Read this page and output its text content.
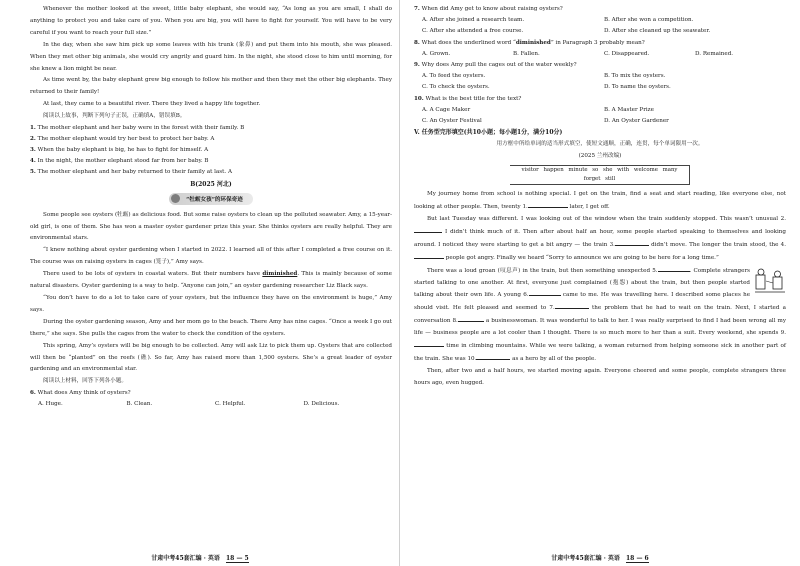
Whenever the mother looked at the sweet, little baby elephant, she would say, “As long as you are small, I shall do anything to protect you and take care of you. When you are big, you will have to fight for yourself. You will have to be very careful if you want to reach your full size.”

In the day, when she saw him pick up some leaves with his trunk (象鼻) and put them into his mouth, she was pleased. When they met other big animals, she would cry angrily and guard him. In the night, she stood close to him until morning, for she knew a lion might be near.

As time went by, the baby elephant grew big enough to follow his mother and then they met the other big elephants. They returned to their family!

At last, they came to a beautiful river. There they lived a happy life together.

阅读以上故事，判断下列句子正误，正确填A，错误填B。

1. The mother elephant and her baby were in the forest with their family. B

2. The mother elephant would try her best to protect her baby. A

3. When the baby elephant is big, he has to fight for himself. A

4. In the night, the mother elephant stood far from her baby. B

5. The mother elephant and her baby returned to their family at last. A

B(2025 河北)

“牡蛎女孩”的环保奇迹

Some people see oysters (牡蛎) as delicious food. But some raise oysters to clean up the polluted seawater. Amy, a 15-year-old girl, is one of them. She has won a master oyster gardener prize this year. She thinks oysters are really helpful. They are environmental stars.

“I knew nothing about oyster gardening when I started in 2022. I learned all of this after I completed a free course on it. The course was on raising oysters in cages (笼子),” Amy says.

There used to be lots of oysters in coastal waters. But their numbers have diminished. This is mainly because of some natural disasters. Oyster gardening is a way to help. “Anyone can join,” an oyster gardening researcher Liz Black says.

“You don’t have to do a lot to take care of your oysters, but the influence they have on the environment is huge,” Amy says.

During the oyster gardening season, Amy and her mom go to the beach. There Amy has nine cages. “Once a week I go out there,” she says. She pulls the cages from the water to check the condition of the oysters.

This spring, Amy’s oysters will be big enough to be collected. Amy will ask Liz to pick them up. Oysters that are collected will then be “planted” on the reefs (礁). So far, Amy has raised more than 1,500 oysters. She’s a great leader of oyster gardening and an environmental star.

阅读以上材料，回答下列各小题。

6. What does Amy think of oysters?

A. Huge.	B. Clean.	C. Helpful.	D. Delicious.
甘肃中考45套汇编 · 英语 18 — 5

7. When did Amy get to know about raising oysters?

A. After she joined a research team.	B. After she won a competition.
C. After she attended a free course.	D. After she cleaned up the seawater.

8. What does the underlined word “diminished” in Paragraph 3 probably mean?

A. Grown.	B. Fallen.	C. Disappeared.	D. Remained.

9. Why does Amy pull the cages out of the water weekly?

A. To feed the oysters.	B. To mix the oysters.
C. To check the oysters.	D. To name the oysters.

10. What is the best title for the text?

A. A Cage Maker	B. A Master Prize
C. An Oyster Festival	D. An Oyster Gardener

V. 任务型完形填空(共10小题；每小题1分，满分10分)

用方框中所给单词的适当形式填空，使短文通顺，正确，连贯，每个单词限用一次。

(2025 兰州改编)

visitor happen minute so she with welcome many forget still

My journey home from school is nothing special. I get on the train, find a seat and start reading, like everyone else, not looking at other people. Then, twenty 1.	later, I get off.

But last Tuesday was different. I was looking out of the window when the train suddenly stopped. This wasn’t unusual 2. I didn’t think much of it. Then after about half an hour, some people started speaking to themselves and looking around. I noticed they were starting to get a bit angry — the train 3.	didn’t move. The longer the train stood, the 4. people got angry. Finally we heard “Sorry to announce we are going to be here for a long time.”

There was a loud groan (叹息声) in the train, but then something unexpected 5.	. Complete strangers started talking to one another. At first, everyone just complained (抱怨) about the train, but then people started talking about their own life. A young 6.	came to me. He was travelling here. I described some places he should visit. He felt pleased and seemed to 7.	the problem that he had to wait on the train. Next, I started a conversation 8.	a businesswoman. It was wonderful to talk to her. I was really surprised to find I had been wrong all my life — business people are a lot cooler than I thought. There is so much more to her than a suit. Every weekend, she spends 9. time in climbing mountains. While we were talking, a woman returned from helping someone sick in another part of the train. She was 10.	as a hero by all of the people.

Then, after two and a half hours, we started moving again. Everyone cheered and some people, complete strangers three hours ago, even hugged.

甘肃中考45套汇编 · 英语 18 — 6
